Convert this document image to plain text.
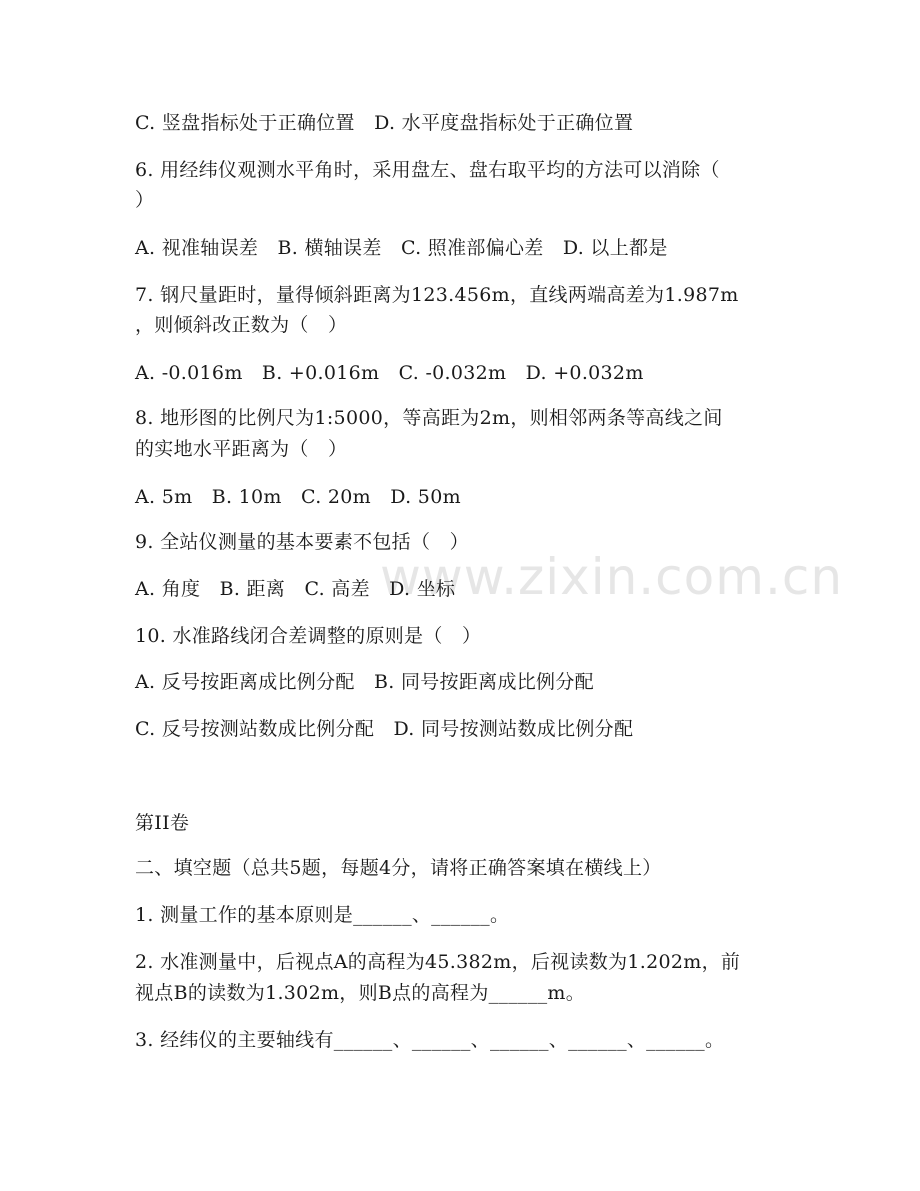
www.zixin.com.cn
C. 竖盘指标处于正确位置　D. 水平度盘指标处于正确位置
6. 用经纬仪观测水平角时，采用盘左、盘右取平均的方法可以消除（
）
A. 视准轴误差　B. 横轴误差　C. 照准部偏心差　D. 以上都是
7. 钢尺量距时，量得倾斜距离为123.456m，直线两端高差为1.987m
，则倾斜改正数为（　）
A. -0.016m　B. +0.016m　C. -0.032m　D. +0.032m
8. 地形图的比例尺为1:5000，等高距为2m，则相邻两条等高线之间
的实地水平距离为（　）
A. 5m　B. 10m　C. 20m　D. 50m
9. 全站仪测量的基本要素不包括（　）
A. 角度　B. 距离　C. 高差　D. 坐标
10. 水准路线闭合差调整的原则是（　）
A. 反号按距离成比例分配　B. 同号按距离成比例分配
C. 反号按测站数成比例分配　D. 同号按测站数成比例分配
第II卷
二、填空题（总共5题，每题4分，请将正确答案填在横线上）
1. 测量工作的基本原则是______、______。
2. 水准测量中，后视点A的高程为45.382m，后视读数为1.202m，前
视点B的读数为1.302m，则B点的高程为______m。
3. 经纬仪的主要轴线有______、______、______、______、______。
